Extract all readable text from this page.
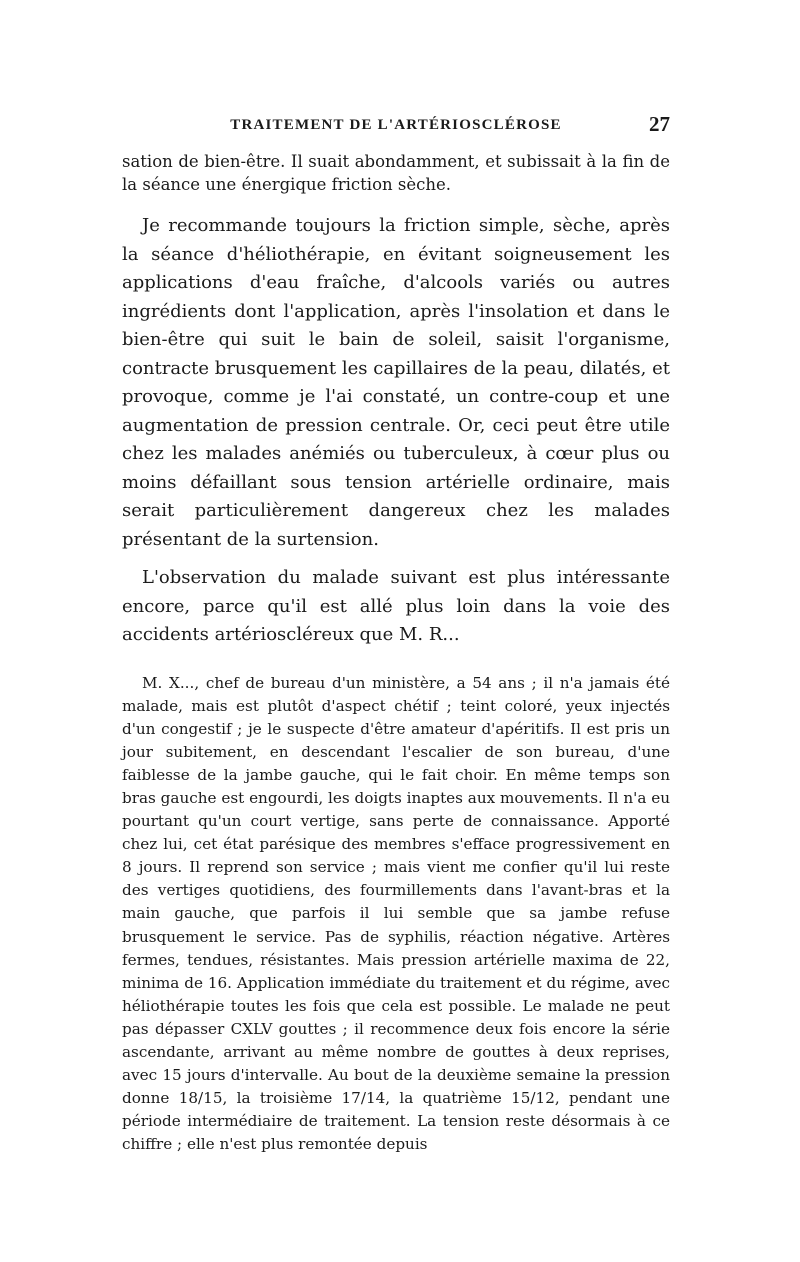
TRAITEMENT DE L'ARTÉRIOSCLÉROSE	27

sation de bien-être. Il suait abondamment, et subissait à la fin de la séance une énergique friction sèche.

Je recommande toujours la friction simple, sèche, après la séance d'héliothérapie, en évitant soigneusement les applications d'eau fraîche, d'alcools variés ou autres ingrédients dont l'application, après l'insolation et dans le bien-être qui suit le bain de soleil, saisit l'organisme, contracte brusquement les capillaires de la peau, dilatés, et provoque, comme je l'ai constaté, un contre-coup et une augmentation de pression centrale. Or, ceci peut être utile chez les malades anémiés ou tuberculeux, à cœur plus ou moins défaillant sous tension artérielle ordinaire, mais serait particulièrement dangereux chez les malades présentant de la surtension.

L'observation du malade suivant est plus intéressante encore, parce qu'il est allé plus loin dans la voie des accidents artérioscléreux que M. R...

M. X..., chef de bureau d'un ministère, a 54 ans ; il n'a jamais été malade, mais est plutôt d'aspect chétif ; teint coloré, yeux injectés d'un congestif ; je le suspecte d'être amateur d'apéritifs. Il est pris un jour subitement, en descendant l'escalier de son bureau, d'une faiblesse de la jambe gauche, qui le fait choir. En même temps son bras gauche est engourdi, les doigts inaptes aux mouvements. Il n'a eu pourtant qu'un court vertige, sans perte de connaissance. Apporté chez lui, cet état parésique des membres s'efface progressivement en 8 jours. Il reprend son service ; mais vient me confier qu'il lui reste des vertiges quotidiens, des fourmillements dans l'avant-bras et la main gauche, que parfois il lui semble que sa jambe refuse brusquement le service. Pas de syphilis, réaction négative. Artères fermes, tendues, résistantes. Mais pression artérielle maxima de 22, minima de 16. Application immédiate du traitement et du régime, avec héliothérapie toutes les fois que cela est possible. Le malade ne peut pas dépasser CXLV gouttes ; il recommence deux fois encore la série ascendante, arrivant au même nombre de gouttes à deux reprises, avec 15 jours d'intervalle. Au bout de la deuxième semaine la pression donne 18/15, la troisième 17/14, la quatrième 15/12, pendant une période intermédiaire de traitement. La tension reste désormais à ce chiffre ; elle n'est plus remontée depuis
